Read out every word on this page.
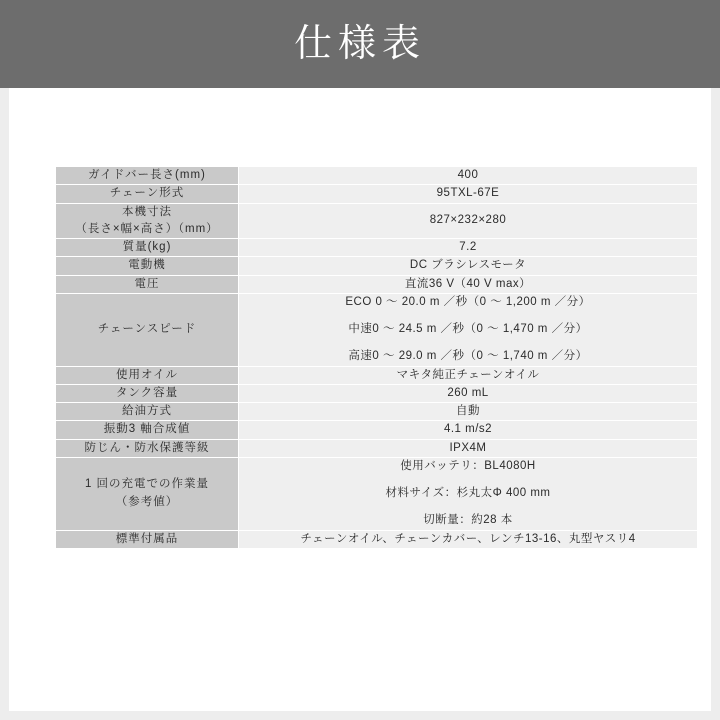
仕様表
ガイドバー長さ(mm)	400

チェーン形式	95TXL-67E

本機寸法
（長さ×幅×高さ）（mm）	827×232×280

質量(kg)	7.2

電動機	DC ブラシレスモータ

電圧	直流36 V（40 V max）

チェーンスピード	ECO 0 〜 20.0 m ／秒（0 〜 1,200 m ／分）
中速0 〜 24.5 m ／秒（0 〜 1,470 m ／分）
高速0 〜 29.0 m ／秒（0 〜 1,740 m ／分）

使用オイル	マキタ純正チェーンオイル

タンク容量	260 mL

給油方式	自動

振動3 軸合成値	4.1 m/s2

防じん・防水保護等級	IPX4M

1 回の充電での作業量
（参考値）	使用バッテリ：BL4080H
材料サイズ：杉丸太Φ 400 mm
切断量：約28 本

標準付属品	チェーンオイル、チェーンカバー、レンチ13-16、丸型ヤスリ4
